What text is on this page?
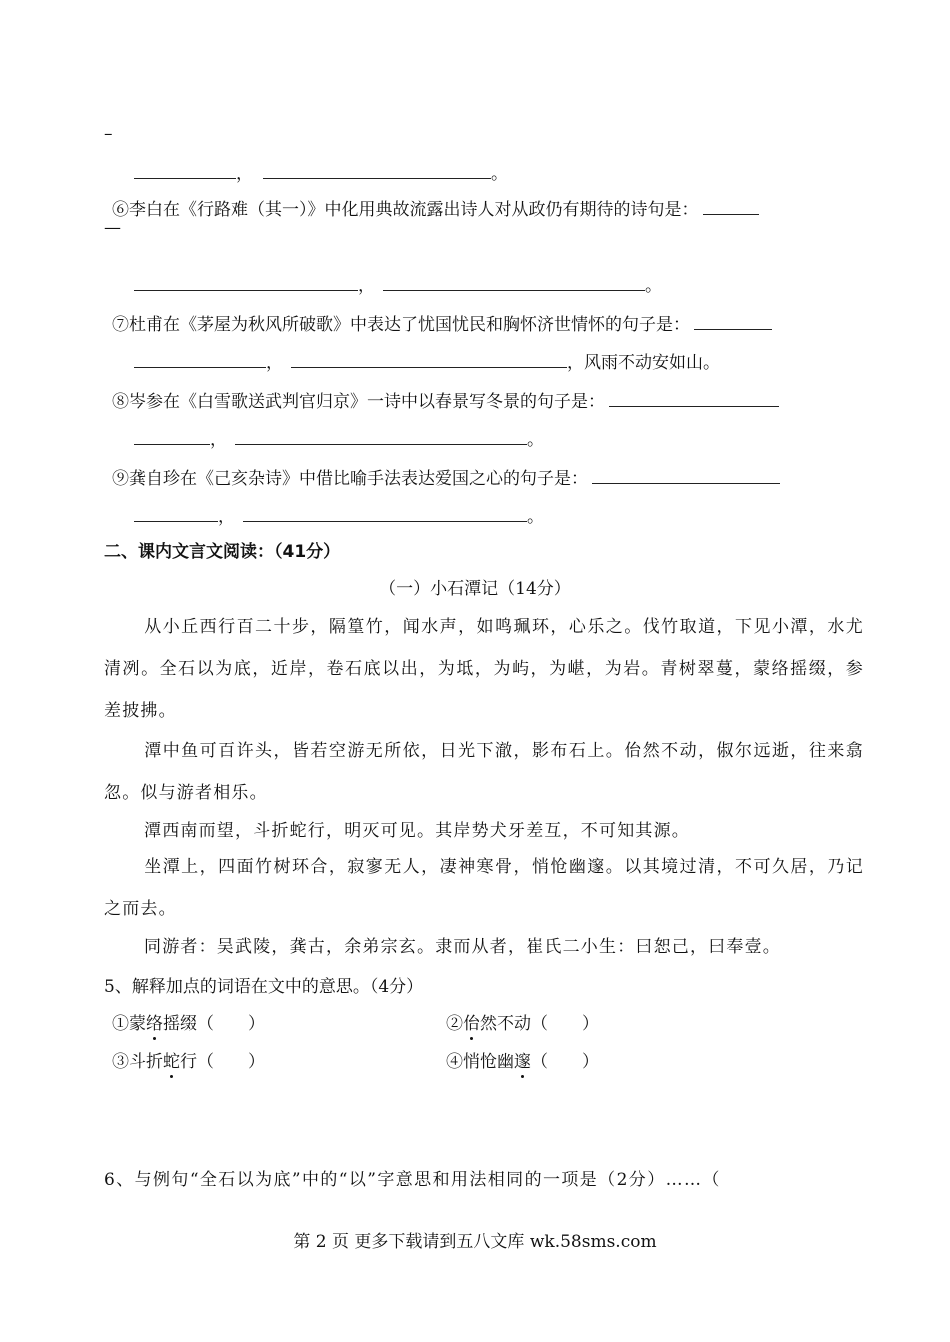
–
，	。
⑥李白在《行路难（其一）》中化用典故流露出诗人对从政仍有期待的诗句是：
—
，	。
⑦杜甫在《茅屋为秋风所破歌》中表达了忧国忧民和胸怀济世情怀的句子是：
，	，风雨不动安如山。
⑧岑参在《白雪歌送武判官归京》一诗中以春景写冬景的句子是：
，	。
⑨龚自珍在《己亥杂诗》中借比喻手法表达爱国之心的句子是：
，	。
二、课内文言文阅读：（41分）
（一）小石潭记（14分）
从小丘西行百二十步，隔篁竹，闻水声，如鸣珮环，心乐之。伐竹取道，下见小潭，水尤清冽。全石以为底，近岸，卷石底以出，为坻，为屿，为嵁，为岩。青树翠蔓，蒙络摇缀，参差披拂。
潭中鱼可百许头，皆若空游无所依，日光下澈，影布石上。佁然不动，俶尔远逝，往来翕忽。似与游者相乐。
潭西南而望，斗折蛇行，明灭可见。其岸势犬牙差互，不可知其源。
坐潭上，四面竹树环合，寂寥无人，凄神寒骨，悄怆幽邃。以其境过清，不可久居，乃记之而去。
同游者：吴武陵，龚古，余弟宗玄。隶而从者，崔氏二小生：曰恕己，曰奉壹。
5、解释加点的词语在文中的意思。（4分）
①蒙络摇缀（　　）	②佁然不动（　　）
③斗折蛇行（　　）	④悄怆幽邃（　　）
6、与例句“全石以为底”中的“以”字意思和用法相同的一项是（2分）……（
第 2 页 更多下载请到五八文库 wk.58sms.com
